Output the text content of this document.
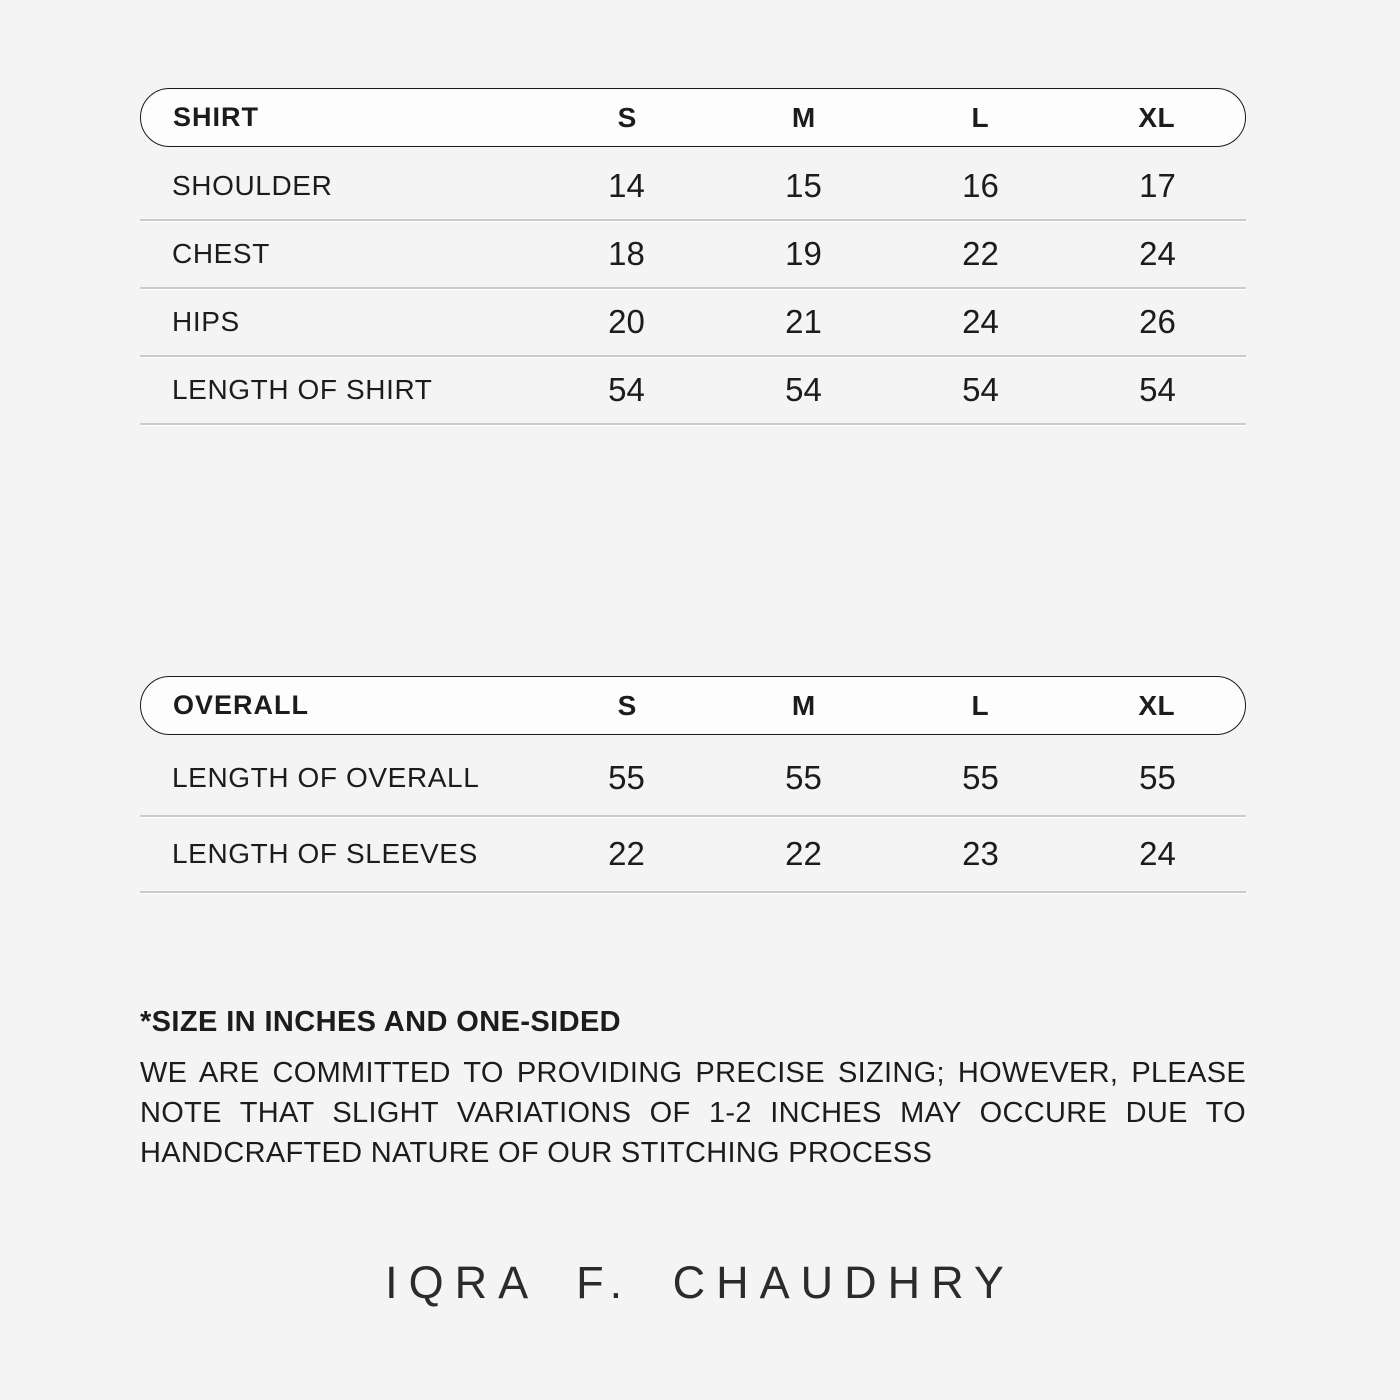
SHIRT	S	M	L	XL
SHOULDER	14	15	16	17
CHEST	18	19	22	24
HIPS	20	21	24	26
LENGTH OF SHIRT	54	54	54	54
OVERALL	S	M	L	XL
LENGTH OF OVERALL	55	55	55	55
LENGTH OF SLEEVES	22	22	23	24
*SIZE IN INCHES AND ONE-SIDED
WE ARE COMMITTED TO PROVIDING PRECISE SIZING; HOWEVER, PLEASE
NOTE THAT SLIGHT VARIATIONS OF 1-2 INCHES MAY OCCURE DUE TO
HANDCRAFTED NATURE OF OUR STITCHING PROCESS
IQRA F. CHAUDHRY
